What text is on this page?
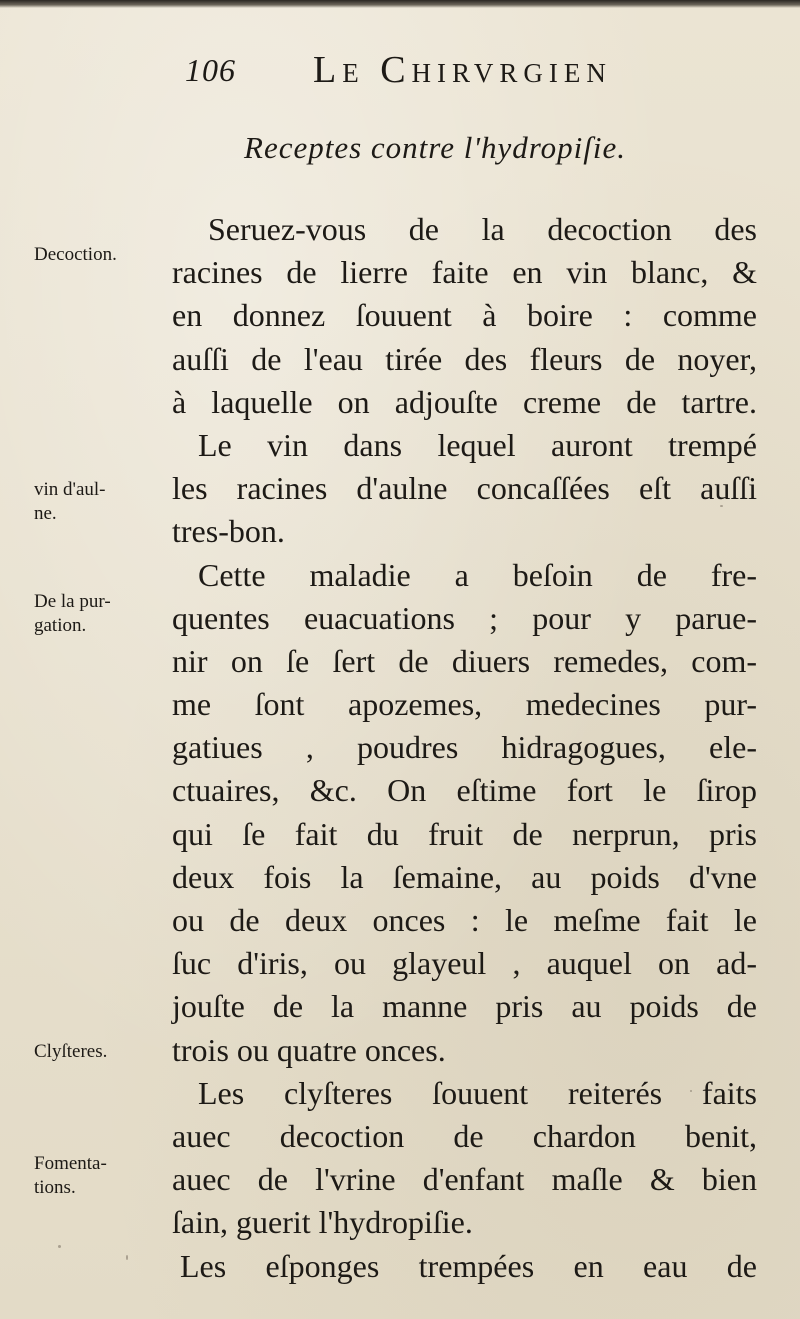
106 Le Chirvrgien
Receptes contre l'hydropiſie.
Decoction.
vin d'aul-
ne.
De la pur-
gation.
Clyſteres.
Fomenta-
tions.
Seruez-vous de la decoction des
racines de lierre faite en vin blanc, &
en donnez ſouuent à boire : comme
auſſi de l'eau tirée des fleurs de noyer,
à laquelle on adjouſte creme de tartre.
Le vin dans lequel auront trempé
les racines d'aulne concaſſées eſt auſſi
tres-bon.
Cette maladie a beſoin de fre-
quentes euacuations ; pour y parue-
nir on ſe ſert de diuers remedes, com-
me ſont apozemes, medecines pur-
gatiues , poudres hidragogues, ele-
ctuaires, &c. On eſtime fort le ſirop
qui ſe fait du fruit de nerprun, pris
deux fois la ſemaine, au poids d'vne
ou de deux onces : le meſme fait le
ſuc d'iris, ou glayeul , auquel on ad-
jouſte de la manne pris au poids de
trois ou quatre onces.
Les clyſteres ſouuent reiterés faits
auec decoction de chardon benit,
auec de l'vrine d'enfant maſle & bien
ſain, guerit l'hydropiſie.
Les eſponges trempées en eau de
